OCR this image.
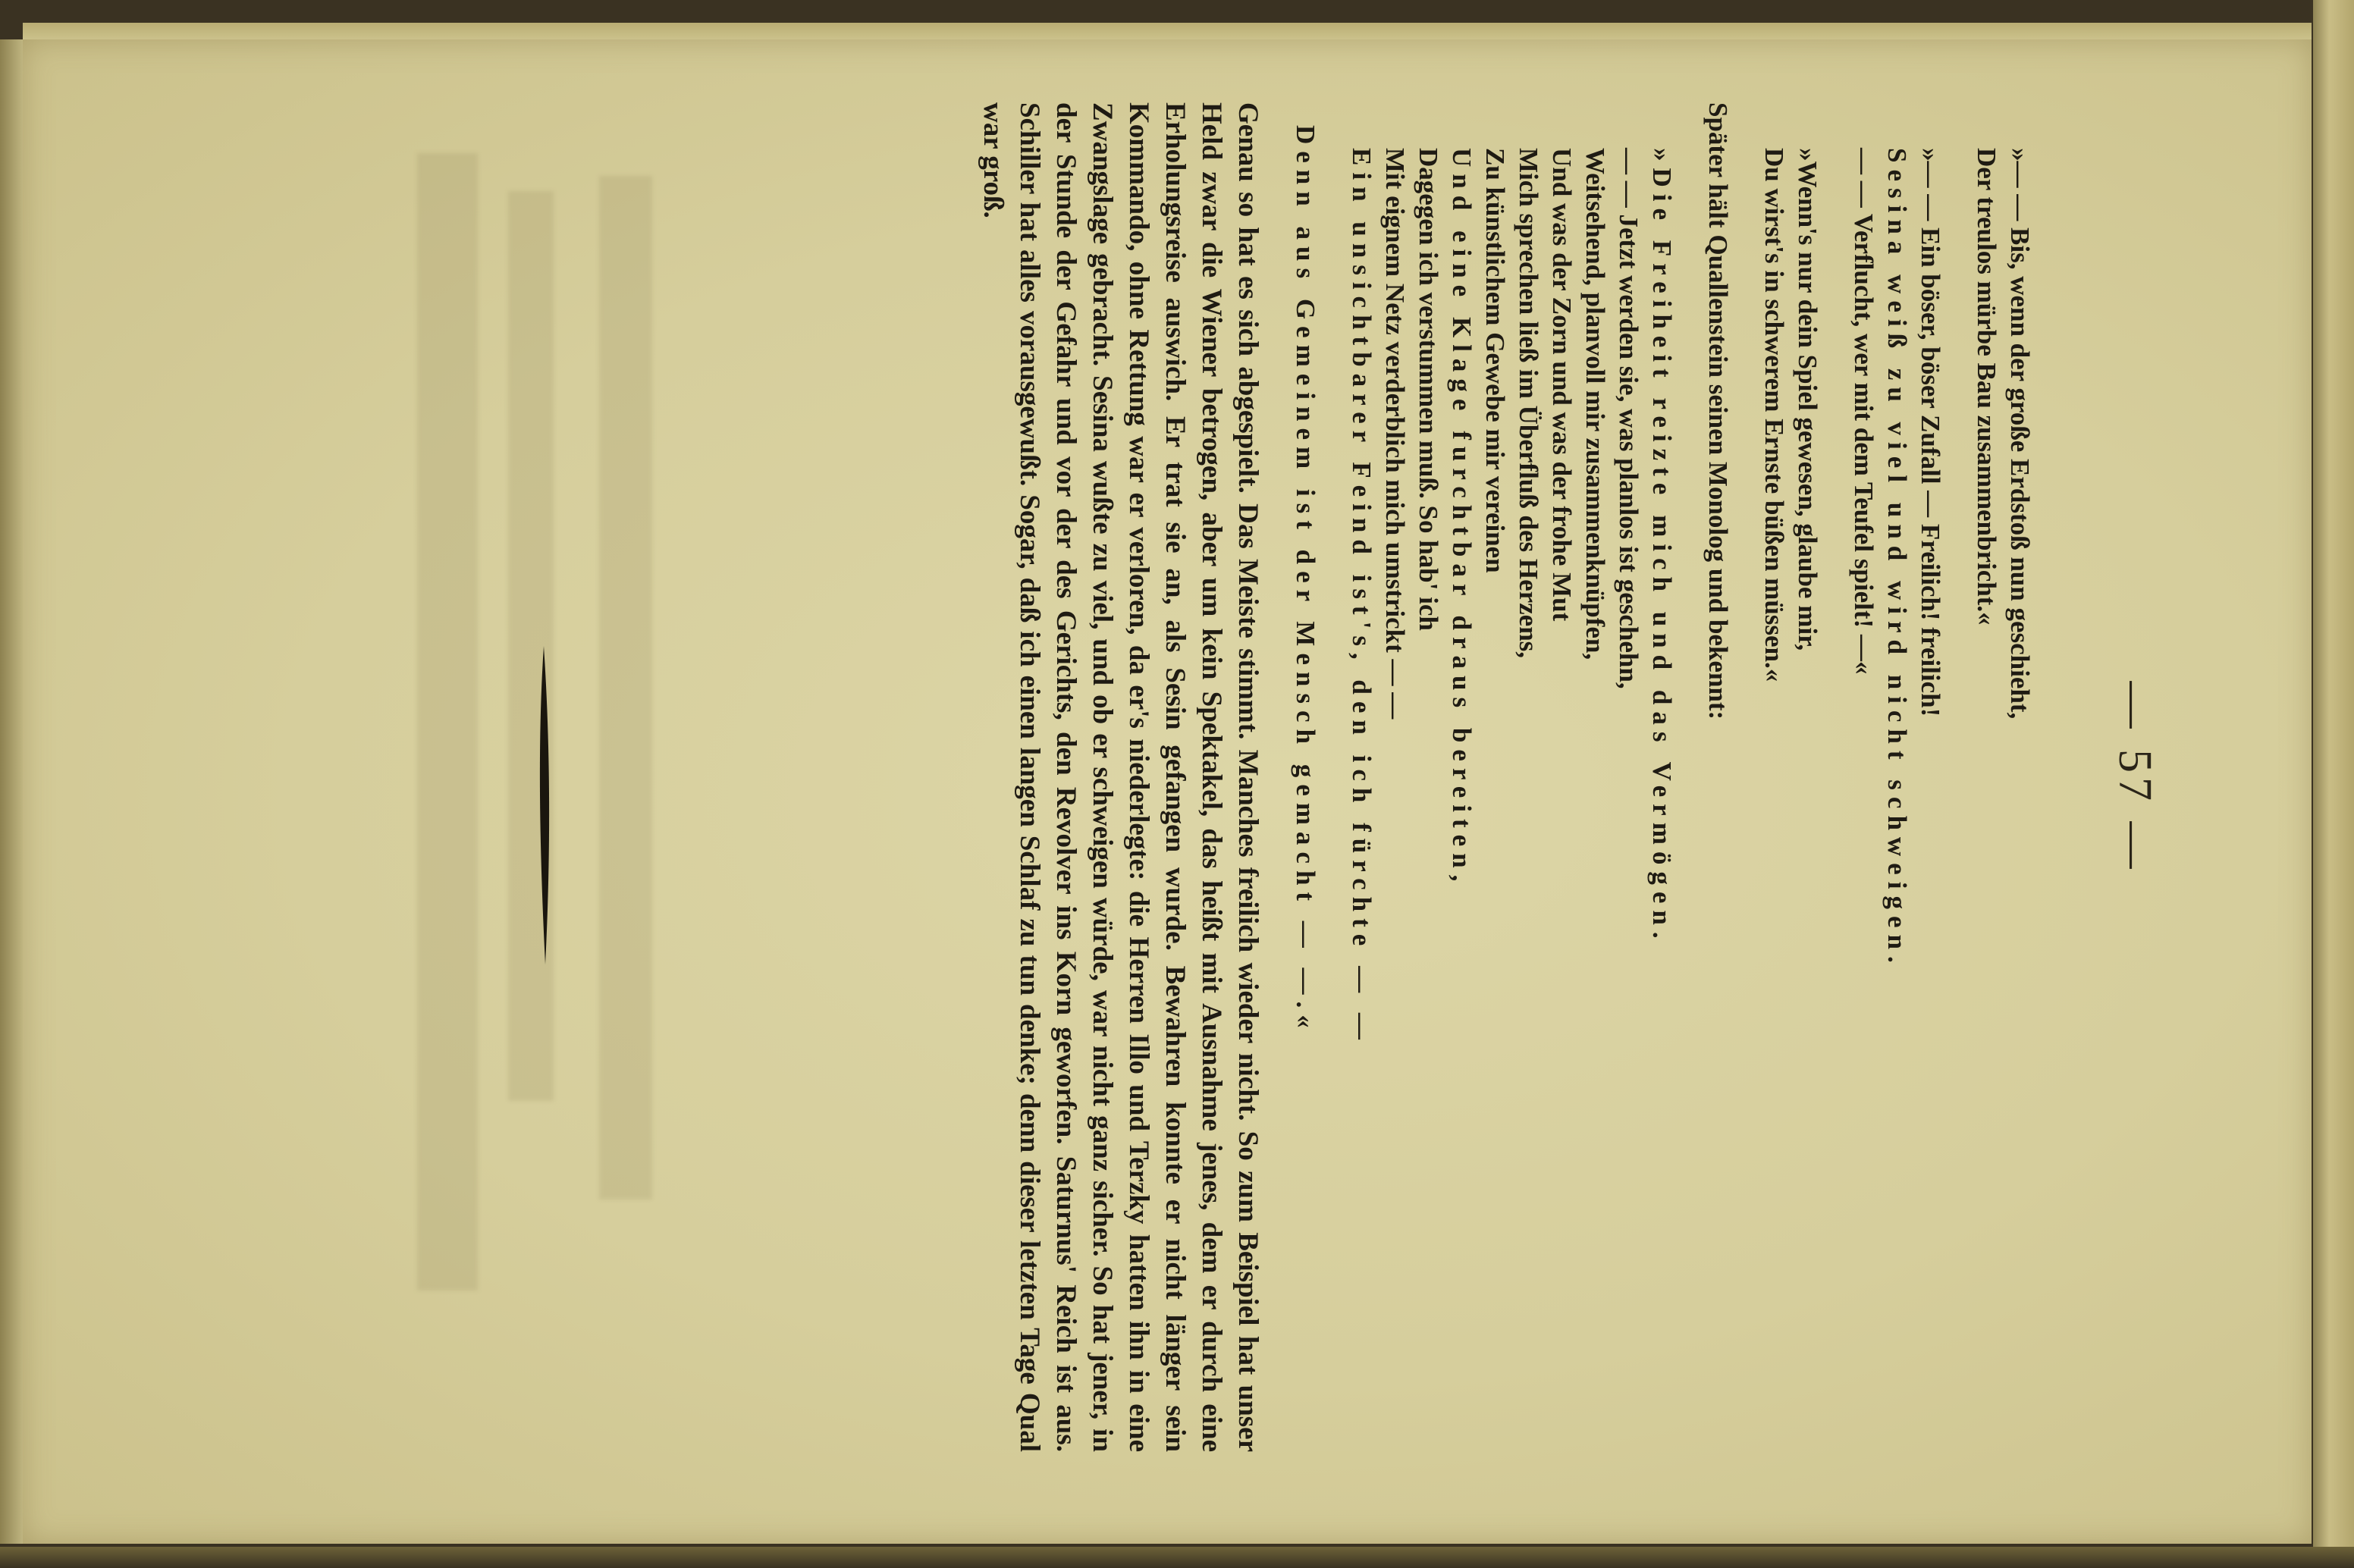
— 57 —
»— — Bis, wenn der große Erdstoß nun geschieht,
Der treulos mürbe Bau zusammenbricht.«
»— — Ein böser, böser Zufall — Freilich! freilich!
Sesina weiß zu viel und wird nicht schweigen.
— — Verflucht, wer mit dem Teufel spielt! —«
»Wenn's nur dein Spiel gewesen, glaube mir,
Du wirst's in schwerem Ernste büßen müssen.«
Später hält Quallenstein seinen Monolog und bekennt:
»Die Freiheit reizte mich und das Vermögen.
— — Jetzt werden sie, was planlos ist geschehn,
Weitsehend, planvoll mir zusammenknüpfen,
Und was der Zorn und was der frohe Mut
Mich sprechen ließ im Überfluß des Herzens,
Zu künstlichem Gewebe mir vereinen
Und eine Klage furchtbar draus bereiten,
Dagegen ich verstummen muß. So hab' ich
Mit eignem Netz verderblich mich umstrickt — —
Ein unsichtbarer Feind ist's, den ich fürchte — —
Denn aus Gemeinem ist der Mensch gemacht — —.«

Genau so hat es sich abgespielt. Das Meiste stimmt. Manches freilich wieder nicht. So zum Beispiel hat unser Held zwar die Wiener betrogen, aber um kein Spektakel, das heißt mit Ausnahme jenes, dem er durch eine Erholungsreise auswich. Er trat sie an, als Sesin gefangen wurde. Bewahren konnte er nicht länger sein Kommando, ohne Rettung war er verloren, da er's niederlegte: die Herren Illo und Terzky hatten ihn in eine Zwangslage gebracht. Sesina wußte zu viel, und ob er schweigen würde, war nicht ganz sicher. So hat jener, in der Stunde der Gefahr und vor der des Gerichts, den Revolver ins Korn geworfen. Saturnus' Reich ist aus. Schiller hat alles vorausgewußt. Sogar, daß ich einen langen Schlaf zu tun denke; denn dieser letzten Tage Qual war groß.
